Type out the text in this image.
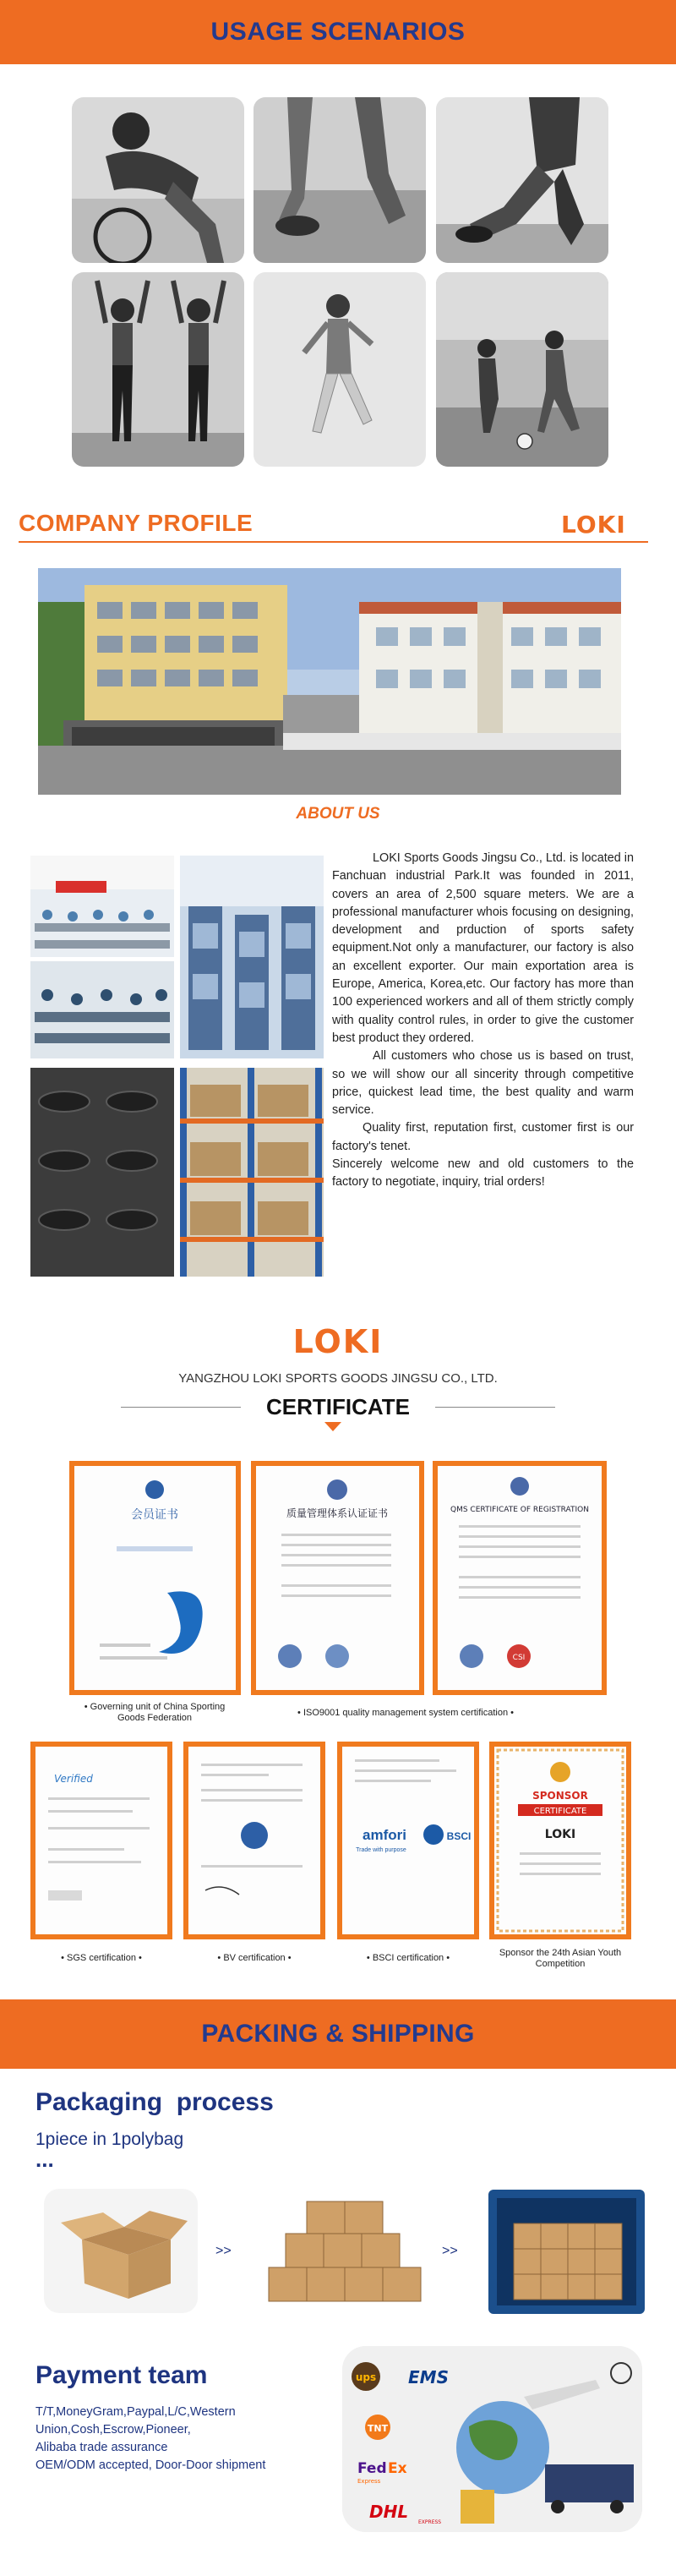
USAGE SCENARIOS
COMPANY PROFILE	LOKI
ABOUT US

LOKI Sports Goods Jingsu Co., Ltd. is located in Fanchuan industrial Park.It was founded in 2011, covers an area of 2,500 square meters. We are a professional manufacturer whois focusing on designing, development and prduction of sports safety equipment.Not only a manufacturer, our factory is also an excellent exporter. Our main exportation area is Europe, America, Korea,etc. Our factory has more than 100 experienced workers and all of them strictly comply with quality control rules, in order to give the customer best product they ordered.

All customers who chose us is based on trust, so we will show our all sincerity through competitive price, quickest lead time, the best quality and warm service.

Quality first, reputation first, customer first is our factory's tenet.

Sincerely welcome new and old customers to the factory to negotiate, inquiry, trial orders!

LOKI
YANGZHOU LOKI SPORTS GOODS JINGSU CO., LTD.
CERTIFICATE
会员证书	质量管理体系认证证书	QMS CERTIFICATE OF REGISTRATION
CSI
• Governing unit of China Sporting Goods Federation	• ISO9001 quality management system certification •
Verified
amfori	BSCI
Trade with purpose
SPONSOR
CERTIFICATE
LOKI
• SGS certification •	• BV certification •	• BSCI certification •	Sponsor the 24th Asian Youth Competition
PACKING & SHIPPING
Packaging  process
1piece in 1polybag
...
>>	>>
Payment team
T/T,MoneyGram,Paypal,L/C,Western
Union,Cosh,Escrow,Pioneer,
Alibaba trade assurance
OEM/ODM accepted, Door-Door shipment
ups EMS
TNT
Fed Ex
Express
DHL
EXPRESS
